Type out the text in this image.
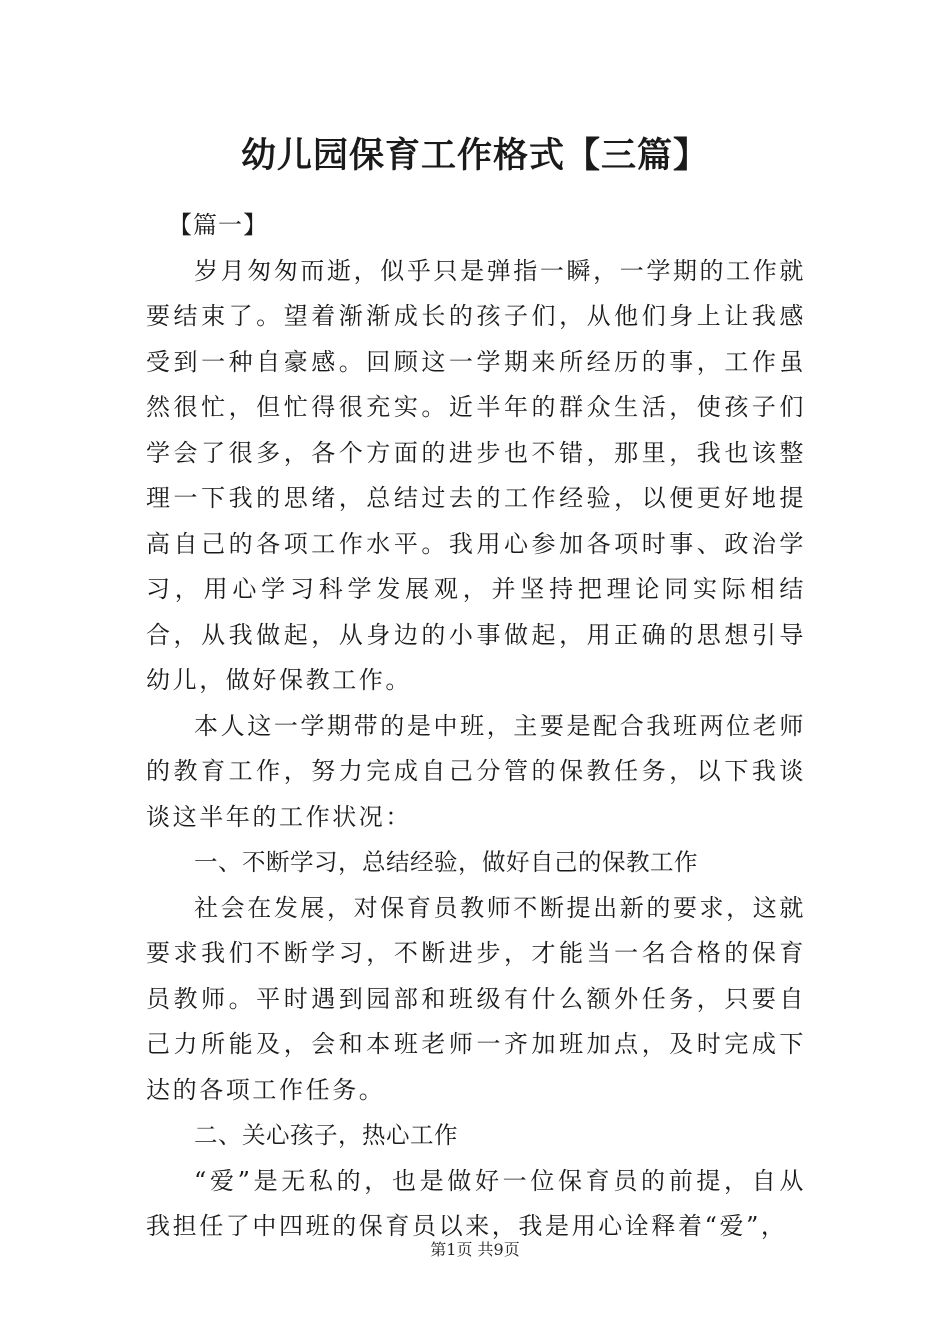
幼儿园保育工作格式【三篇】

【篇一】

岁月匆匆而逝，似乎只是弹指一瞬，一学期的工作就要结束了。望着渐渐成长的孩子们，从他们身上让我感受到一种自豪感。回顾这一学期来所经历的事，工作虽然很忙，但忙得很充实。近半年的群众生活，使孩子们学会了很多，各个方面的进步也不错，那里，我也该整理一下我的思绪，总结过去的工作经验，以便更好地提高自己的各项工作水平。我用心参加各项时事、政治学习，用心学习科学发展观，并坚持把理论同实际相结合，从我做起，从身边的小事做起，用正确的思想引导幼儿，做好保教工作。

本人这一学期带的是中班，主要是配合我班两位老师的教育工作，努力完成自己分管的保教任务，以下我谈谈这半年的工作状况：

一、不断学习，总结经验，做好自己的保教工作

社会在发展，对保育员教师不断提出新的要求，这就要求我们不断学习，不断进步，才能当一名合格的保育员教师。平时遇到园部和班级有什么额外任务，只要自己力所能及，会和本班老师一齐加班加点，及时完成下达的各项工作任务。

二、关心孩子，热心工作

“爱”是无私的，也是做好一位保育员的前提，自从我担任了中四班的保育员以来，我是用心诠释着“爱”，

第1页 共9页
